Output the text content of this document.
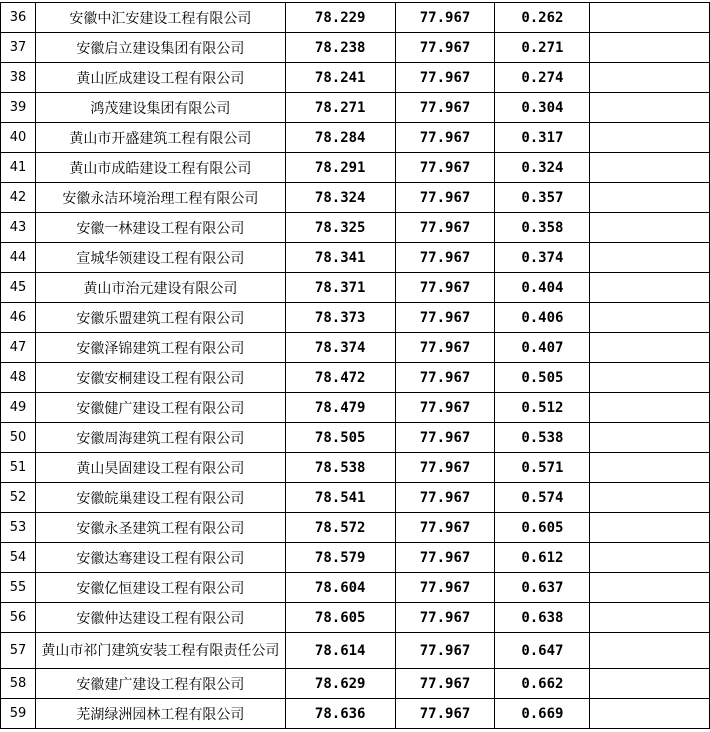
36	安徽中汇安建设工程有限公司	78.229	77.967	0.262	
37	安徽启立建设集团有限公司	78.238	77.967	0.271	
38	黄山匠成建设工程有限公司	78.241	77.967	0.274	
39	鸿茂建设集团有限公司	78.271	77.967	0.304	
40	黄山市开盛建筑工程有限公司	78.284	77.967	0.317	
41	黄山市成皓建设工程有限公司	78.291	77.967	0.324	
42	安徽永洁环境治理工程有限公司	78.324	77.967	0.357	
43	安徽一林建设工程有限公司	78.325	77.967	0.358	
44	宣城华领建设工程有限公司	78.341	77.967	0.374	
45	黄山市治元建设有限公司	78.371	77.967	0.404	
46	安徽乐盟建筑工程有限公司	78.373	77.967	0.406	
47	安徽泽锦建筑工程有限公司	78.374	77.967	0.407	
48	安徽安桐建设工程有限公司	78.472	77.967	0.505	
49	安徽健广建设工程有限公司	78.479	77.967	0.512	
50	安徽周海建筑工程有限公司	78.505	77.967	0.538	
51	黄山昊固建设工程有限公司	78.538	77.967	0.571	
52	安徽皖巢建设工程有限公司	78.541	77.967	0.574	
53	安徽永圣建筑工程有限公司	78.572	77.967	0.605	
54	安徽达骞建设工程有限公司	78.579	77.967	0.612	
55	安徽亿恒建设工程有限公司	78.604	77.967	0.637	
56	安徽仲达建设工程有限公司	78.605	77.967	0.638	
57	黄山市祁门建筑安装工程有限责任公司	78.614	77.967	0.647	
58	安徽建广建设工程有限公司	78.629	77.967	0.662	
59	芜湖绿洲园林工程有限公司	78.636	77.967	0.669	
